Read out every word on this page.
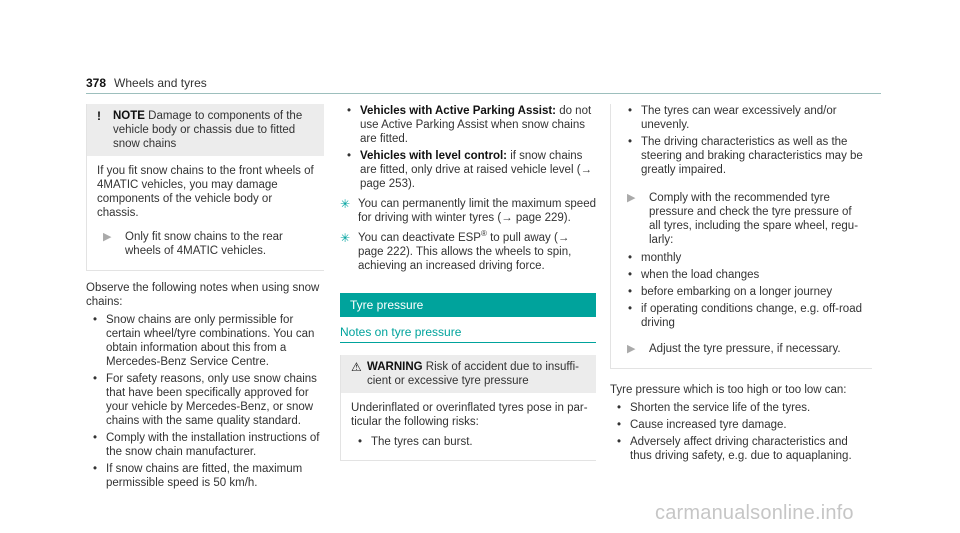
378 Wheels and tyres
!	NOTE Damage to components of the vehicle body or chassis due to fitted snow chains

If you fit snow chains to the front wheels of 4MATIC vehicles, you may damage components of the vehicle body or chassis.

▶	Only fit snow chains to the rear wheels of 4MATIC vehicles.
Observe the following notes when using snow chains:
• Snow chains are only permissible for certain wheel/tyre combinations. You can obtain information about this from a Mercedes-Benz Service Centre.
• For safety reasons, only use snow chains that have been specifically approved for your vehicle by Mercedes-Benz, or snow chains with the same quality standard.
• Comply with the installation instructions of the snow chain manufacturer.
• If snow chains are fitted, the maximum permissible speed is 50 km/h.
• Vehicles with Active Parking Assist: do not use Active Parking Assist when snow chains are fitted.
• Vehicles with level control: if snow chains are fitted, only drive at raised vehicle level (→ page 253).
✳ You can permanently limit the maximum speed for driving with winter tyres (→ page 229).
✳ You can deactivate ESP® to pull away (→ page 222). This allows the wheels to spin, achieving an increased driving force.
Tyre pressure
Notes on tyre pressure
⚠ WARNING Risk of accident due to insufficient or excessive tyre pressure

Underinflated or overinflated tyres pose in particular the following risks:

• The tyres can burst.
• The tyres can wear excessively and/or unevenly.
• The driving characteristics as well as the steering and braking characteristics may be greatly impaired.
▶	Comply with the recommended tyre pressure and check the tyre pressure of all tyres, including the spare wheel, regularly:
• monthly
• when the load changes
• before embarking on a longer journey
• if operating conditions change, e.g. off-road driving
▶	Adjust the tyre pressure, if necessary.
Tyre pressure which is too high or too low can:
• Shorten the service life of the tyres.
• Cause increased tyre damage.
• Adversely affect driving characteristics and thus driving safety, e.g. due to aquaplaning.
carmanualsonline.info
